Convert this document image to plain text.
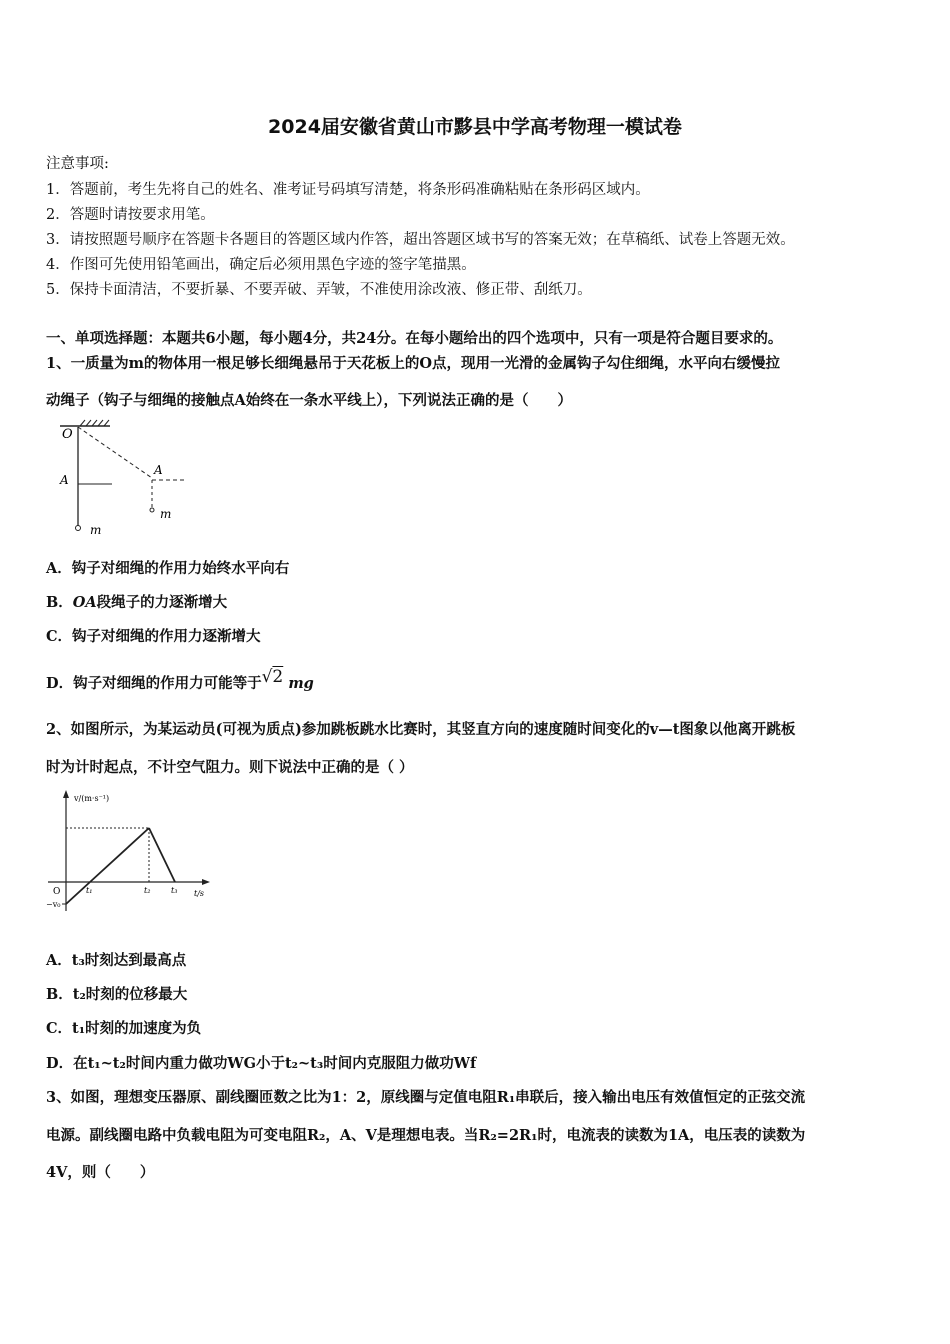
2024届安徽省黄山市黟县中学高考物理一模试卷
注意事项:
1．答题前，考生先将自己的姓名、准考证号码填写清楚，将条形码准确粘贴在条形码区域内。
2．答题时请按要求用笔。
3．请按照题号顺序在答题卡各题目的答题区域内作答，超出答题区域书写的答案无效；在草稿纸、试卷上答题无效。
4．作图可先使用铅笔画出，确定后必须用黑色字迹的签字笔描黑。
5．保持卡面清洁，不要折暴、不要弄破、弄皱，不准使用涂改液、修正带、刮纸刀。
一、单项选择题：本题共6小题，每小题4分，共24分。在每小题给出的四个选项中，只有一项是符合题目要求的。
1、一质量为m的物体用一根足够长细绳悬吊于天花板上的O点，现用一光滑的金属钩子勾住细绳，水平向右缓慢拉
动绳子（钩子与细绳的接触点A始终在一条水平线上），下列说法正确的是（　　）
O
m
A
A
m
A．钩子对细绳的作用力始终水平向右
B．OA段绳子的力逐渐增大
C．钩子对细绳的作用力逐渐增大
D．钩子对细绳的作用力可能等于√2 mg
2、如图所示，为某运动员(可视为质点)参加跳板跳水比赛时，其竖直方向的速度随时间变化的v—t图象以他离开跳板
时为计时起点，不计空气阻力。则下说法中正确的是（ ）
v/(m·s⁻¹)
t/s
O
−v₀
t₁	t₂	t₃
A．t₃时刻达到最高点
B．t₂时刻的位移最大
C．t₁时刻的加速度为负
D．在t₁~t₂时间内重力做功WG小于t₂~t₃时间内克服阻力做功Wf
3、如图，理想变压器原、副线圈匝数之比为1：2，原线圈与定值电阻R₁串联后，接入输出电压有效值恒定的正弦交流
电源。副线圈电路中负载电阻为可变电阻R₂，A、V是理想电表。当R₂=2R₁时，电流表的读数为1A，电压表的读数为
4V，则（　　）
